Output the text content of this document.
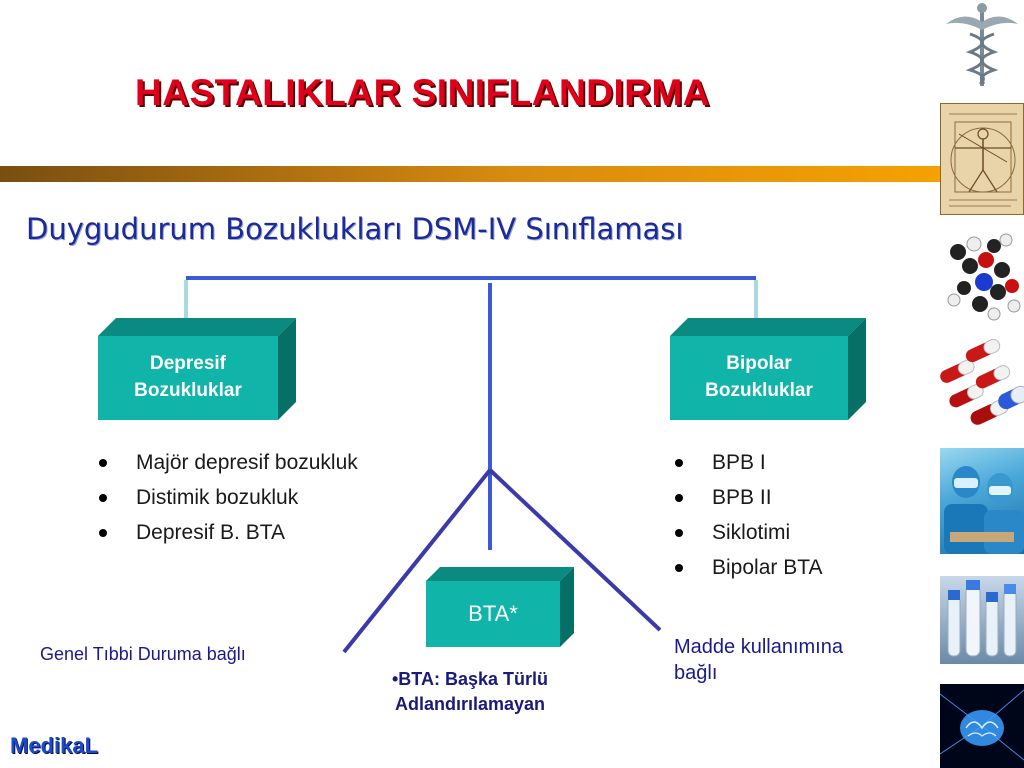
HASTALIKLAR SINIFLANDIRMA
Duygudurum Bozuklukları DSM-IV Sınıflaması
Depresif
Bozukluklar
Bipolar
Bozukluklar
BTA*
Majör depresif bozukluk
Distimik bozukluk
Depresif B. BTA
BPB I
BPB II
Siklotimi
Bipolar BTA
Genel Tıbbi Duruma bağlı	Madde kullanımına
bağlı
•BTA: Başka Türlü
Adlandırılamayan
MedikaL
